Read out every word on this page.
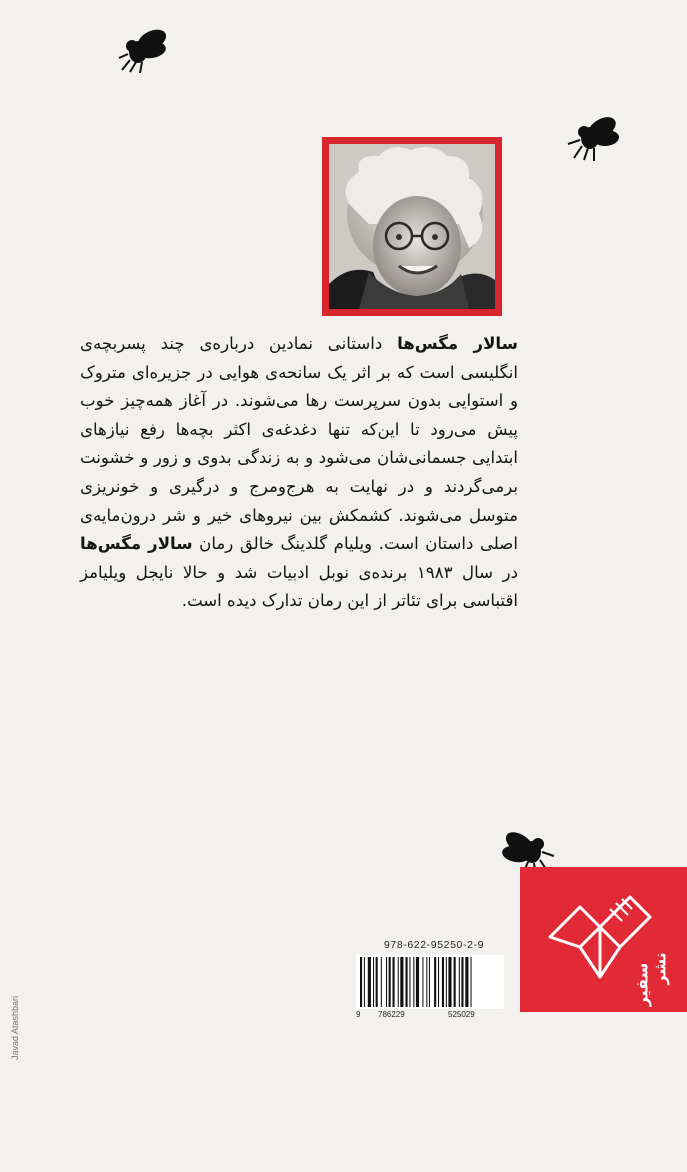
سالار مگس‌ها داستانی نمادین درباره‌ی چند پسربچه‌ی انگلیسی است که بر اثر یک سانحه‌ی هوایی در جزیره‌ای متروک و استوایی بدون سرپرست رها می‌شوند. در آغاز همه‌چیز خوب پیش می‌رود تا این‌که تنها دغدغه‌ی اکثر بچه‌ها رفع نیازهای ابتدایی جسمانی‌شان می‌شود و به زندگی بدوی و زور و خشونت برمی‌گردند و در نهایت به هرج‌ومرج و درگیری و خونریزی متوسل می‌شوند. کشمکش بین نیروهای خیر و شر درون‌مایه‌ی اصلی داستان است. ویلیام گلدینگ خالق رمان سالار مگس‌ها در سال ۱۹۸۳ برنده‌ی نوبل ادبیات شد و حالا نایجل ویلیامز اقتباسی برای تئاتر از این رمان تدارک دیده است.
978-622-95250-2-9
9 786229	525029
نشر
سفیر
Javad Atashbari
